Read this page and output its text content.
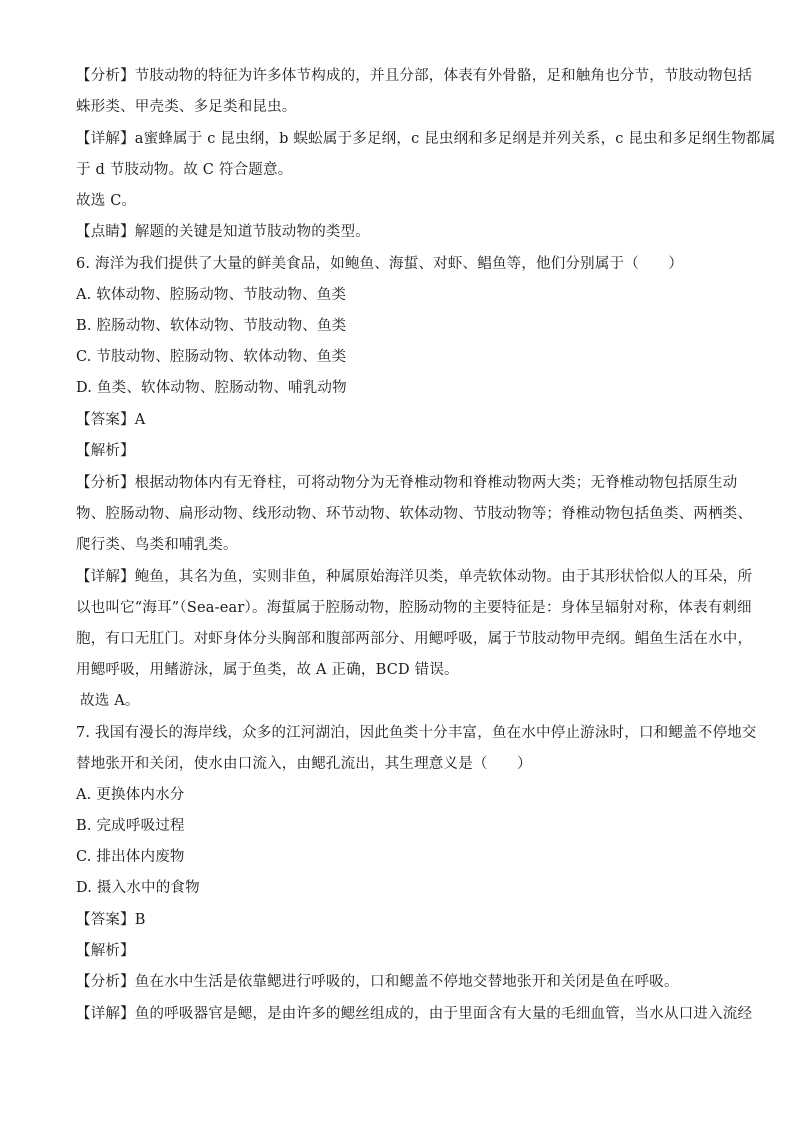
【分析】节肢动物的特征为许多体节构成的，并且分部，体表有外骨骼，足和触角也分节，节肢动物包括
蛛形类、甲壳类、多足类和昆虫。
【详解】a蜜蜂属于 c 昆虫纲，b 蜈蚣属于多足纲，c 昆虫纲和多足纲是并列关系，c 昆虫和多足纲生物都属
于 d 节肢动物。故 C 符合题意。
故选 C。
【点睛】解题的关键是知道节肢动物的类型。
6. 海洋为我们提供了大量的鲜美食品，如鲍鱼、海蜇、对虾、鲳鱼等，他们分别属于（　　）
A. 软体动物、腔肠动物、节肢动物、鱼类
B. 腔肠动物、软体动物、节肢动物、鱼类
C. 节肢动物、腔肠动物、软体动物、鱼类
D. 鱼类、软体动物、腔肠动物、哺乳动物
【答案】A
【解析】
【分析】根据动物体内有无脊柱，可将动物分为无脊椎动物和脊椎动物两大类；无脊椎动物包括原生动
物、腔肠动物、扁形动物、线形动物、环节动物、软体动物、节肢动物等；脊椎动物包括鱼类、两栖类、
爬行类、鸟类和哺乳类。
【详解】鲍鱼，其名为鱼，实则非鱼，种属原始海洋贝类，单壳软体动物。由于其形状恰似人的耳朵，所
以也叫它“海耳”（Sea-ear）。海蜇属于腔肠动物，腔肠动物的主要特征是：身体呈辐射对称，体表有刺细
胞，有口无肛门。对虾身体分头胸部和腹部两部分、用鳃呼吸，属于节肢动物甲壳纲。鲳鱼生活在水中，
用鳃呼吸，用鳍游泳，属于鱼类，故 A 正确，BCD 错误。
故选 A。
7. 我国有漫长的海岸线，众多的江河湖泊，因此鱼类十分丰富，鱼在水中停止游泳时，口和鳃盖不停地交
替地张开和关闭，使水由口流入，由鳃孔流出，其生理意义是（　　）
A. 更换体内水分
B. 完成呼吸过程
C. 排出体内废物
D. 摄入水中的食物
【答案】B
【解析】
【分析】鱼在水中生活是依靠鳃进行呼吸的，口和鳃盖不停地交替地张开和关闭是鱼在呼吸。
【详解】鱼的呼吸器官是鳃，是由许多的鳃丝组成的，由于里面含有大量的毛细血管，当水从口进入流经
